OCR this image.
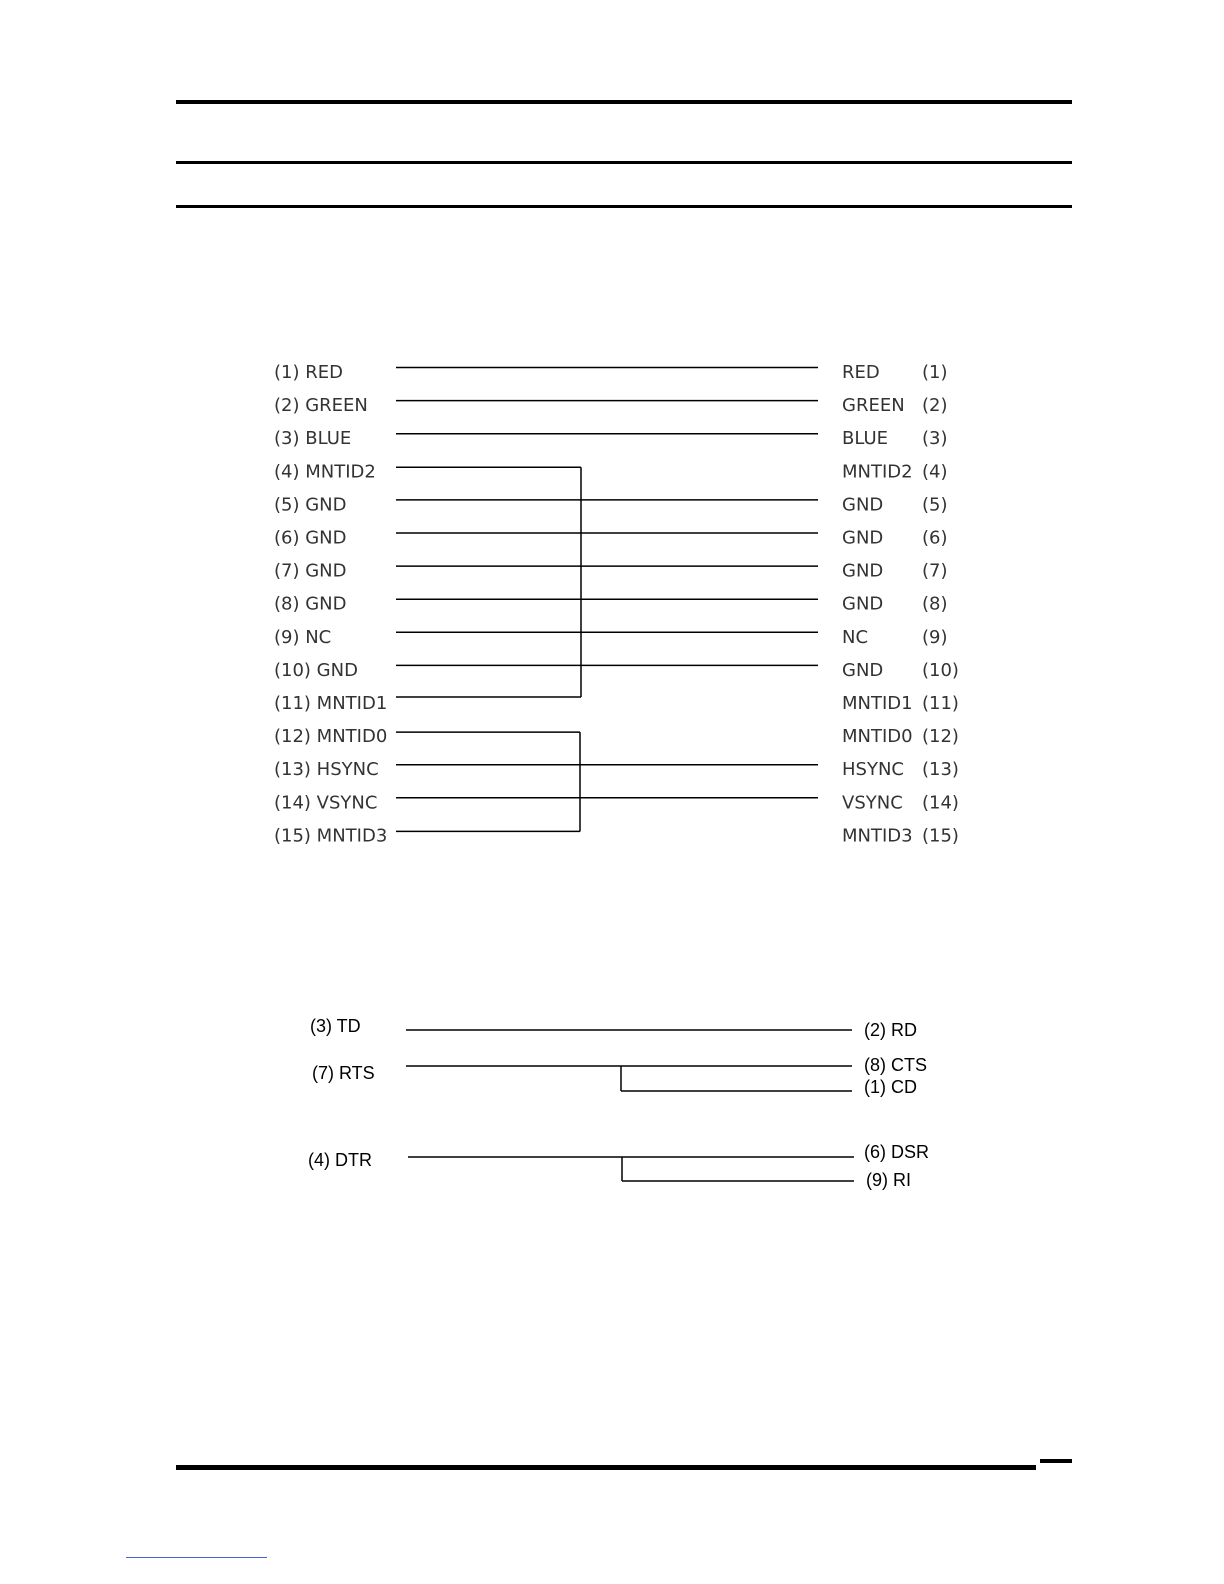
(1) RED	RED (1)
(2) GREEN	GREEN (2)
(3) BLUE	BLUE (3)
(4) MNTID2	MNTID2 (4)
(5) GND	GND (5)
(6) GND	GND (6)
(7) GND	GND (7)
(8) GND	GND (8)
(9) NC	NC	(9)
(10) GND	GND (10)
(11) MNTID1	MNTID1 (11)
(12) MNTID0	MNTID0 (12)
(13) HSYNC	HSYNC (13)
(14) VSYNC	VSYNC (14)
(15) MNTID3	MNTID3 (15)
(3) TD
(7) RTS
(4) DTR
(2) RD
(8) CTS
(1) CD
(6) DSR
(9) RI
